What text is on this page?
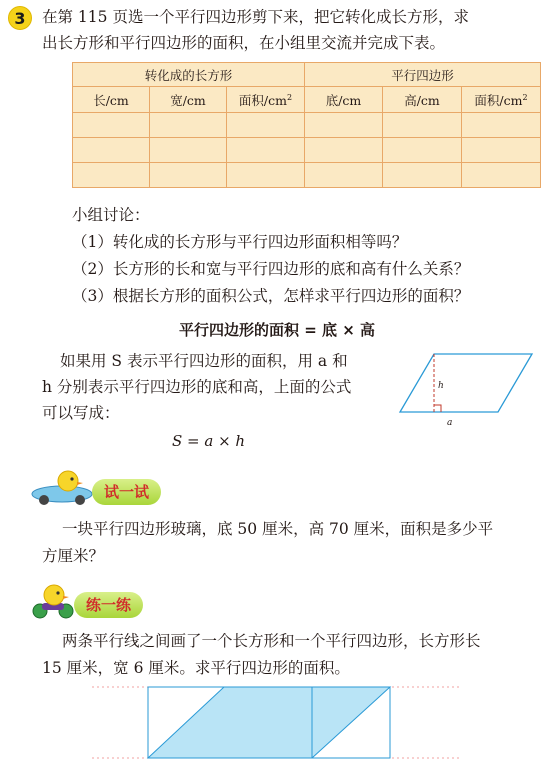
3	在第 115 页选一个平行四边形剪下来，把它转化成长方形，求
出长方形和平行四边形的面积，在小组里交流并完成下表。
转化成的长方形			平行四边形		
长/cm	宽/cm	面积$/cm^2$	底/cm	高/cm	面积$/cm^2$

小组讨论：
（1）转化成的长方形与平行四边形面积相等吗？
（2）长方形的长和宽与平行四边形的底和高有什么关系？
（3）根据长方形的面积公式，怎样求平行四边形的面积？
平行四边形的面积 = 底 × 高
如果用 S 表示平行四边形的面积，用 a 和
h 分别表示平行四边形的底和高，上面的公式
可以写成：
S = a × h
h
a
试一试
一块平行四边形玻璃，底 50 厘米，高 70 厘米，面积是多少平
方厘米？
练一练
两条平行线之间画了一个长方形和一个平行四边形，长方形长
15 厘米，宽 6 厘米。求平行四边形的面积。
